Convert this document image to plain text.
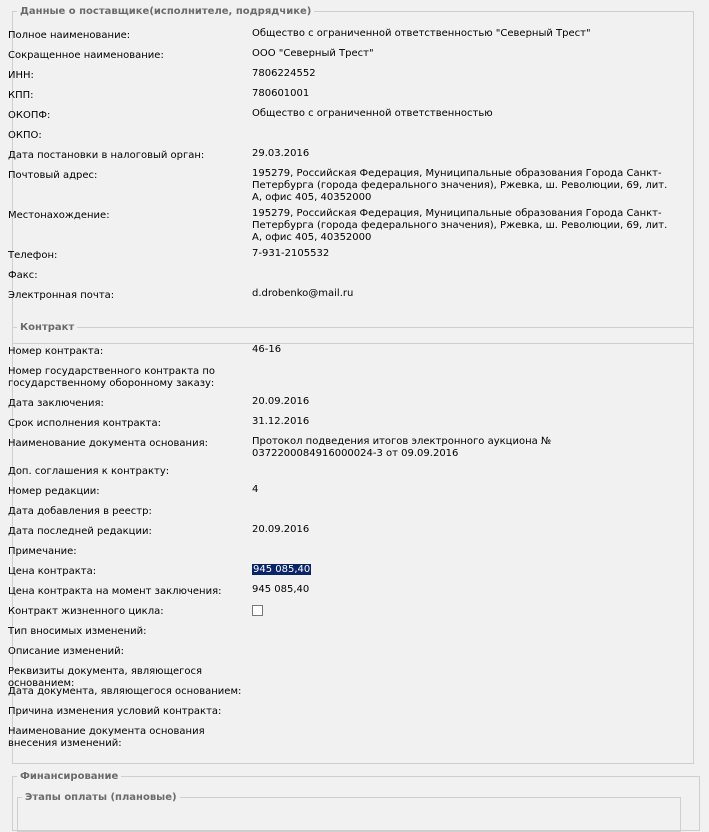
Данные о поставщике(исполнителе, подрядчике)
Контракт
Финансирование
Этапы оплаты (плановые)
Полное наименование:	Общество с ограниченной ответственностью "Северный Трест"
Сокращенное наименование:	ООО "Северный Трест"
ИНН:	7806224552
КПП:	780601001
ОКОПФ:	Общество с ограниченной ответственностью
ОКПО:
Дата постановки в налоговый орган:	29.03.2016
Почтовый адрес:	195279, Российская Федерация, Муниципальные образования Города Санкт-Петербурга (города федерального значения), Ржевка, ш. Революции, 69, лит. А, офис 405, 40352000
Местонахождение:	195279, Российская Федерация, Муниципальные образования Города Санкт-Петербурга (города федерального значения), Ржевка, ш. Революции, 69, лит. А, офис 405, 40352000
Телефон:	7-931-2105532
Факс:
Электронная почта:	d.drobenko@mail.ru
Номер контракта:	46-16
Номер государственного контракта по государственному оборонному заказу:
Дата заключения:	20.09.2016
Срок исполнения контракта:	31.12.2016
Наименование документа основания:	Протокол подведения итогов электронного аукциона № 0372200084916000024-3 от 09.09.2016
Доп. соглашения к контракту:
Номер редакции:	4
Дата добавления в реестр:
Дата последней редакции:	20.09.2016
Примечание:
Цена контракта:	945 085,40
Цена контракта на момент заключения:	945 085,40
Контракт жизненного цикла:
Тип вносимых изменений:
Описание изменений:
Реквизиты документа, являющегося основанием:
Дата документа, являющегося основанием:
Причина изменения условий контракта:
Наименование документа основания внесения изменений:
